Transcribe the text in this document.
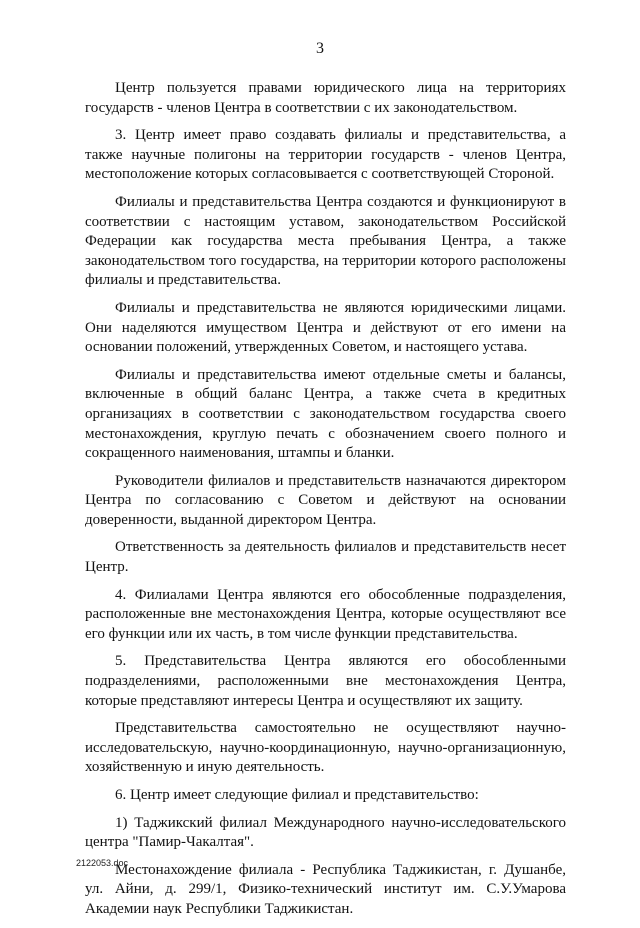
3

Центр пользуется правами юридического лица на территориях государств - членов Центра в соответствии с их законодательством.

3. Центр имеет право создавать филиалы и представительства, а также научные полигоны на территории государств - членов Центра, местоположение которых согласовывается с соответствующей Стороной.

Филиалы и представительства Центра создаются и функционируют в соответствии с настоящим уставом, законодательством Российской Федерации как государства места пребывания Центра, а также законодательством того государства, на территории которого расположены филиалы и представительства.

Филиалы и представительства не являются юридическими лицами. Они наделяются имуществом Центра и действуют от его имени на основании положений, утвержденных Советом, и настоящего устава.

Филиалы и представительства имеют отдельные сметы и балансы, включенные в общий баланс Центра, а также счета в кредитных организациях в соответствии с законодательством государства своего местонахождения, круглую печать с обозначением своего полного и сокращенного наименования, штампы и бланки.

Руководители филиалов и представительств назначаются директором Центра по согласованию с Советом и действуют на основании доверенности, выданной директором Центра.

Ответственность за деятельность филиалов и представительств несет Центр.

4. Филиалами Центра являются его обособленные подразделения, расположенные вне местонахождения Центра, которые осуществляют все его функции или их часть, в том числе функции представительства.

5. Представительства Центра являются его обособленными подразделениями, расположенными вне местонахождения Центра, которые представляют интересы Центра и осуществляют их защиту.

Представительства самостоятельно не осуществляют научно-исследовательскую, научно-координационную, научно-организационную, хозяйственную и иную деятельность.

6. Центр имеет следующие филиал и представительство:

1) Таджикский филиал Международного научно-исследовательского центра "Памир-Чакалтая".

Местонахождение филиала - Республика Таджикистан, г. Душанбе, ул. Айни, д. 299/1, Физико-технический институт им. С.У.Умарова Академии наук Республики Таджикистан.

2122053.doc
